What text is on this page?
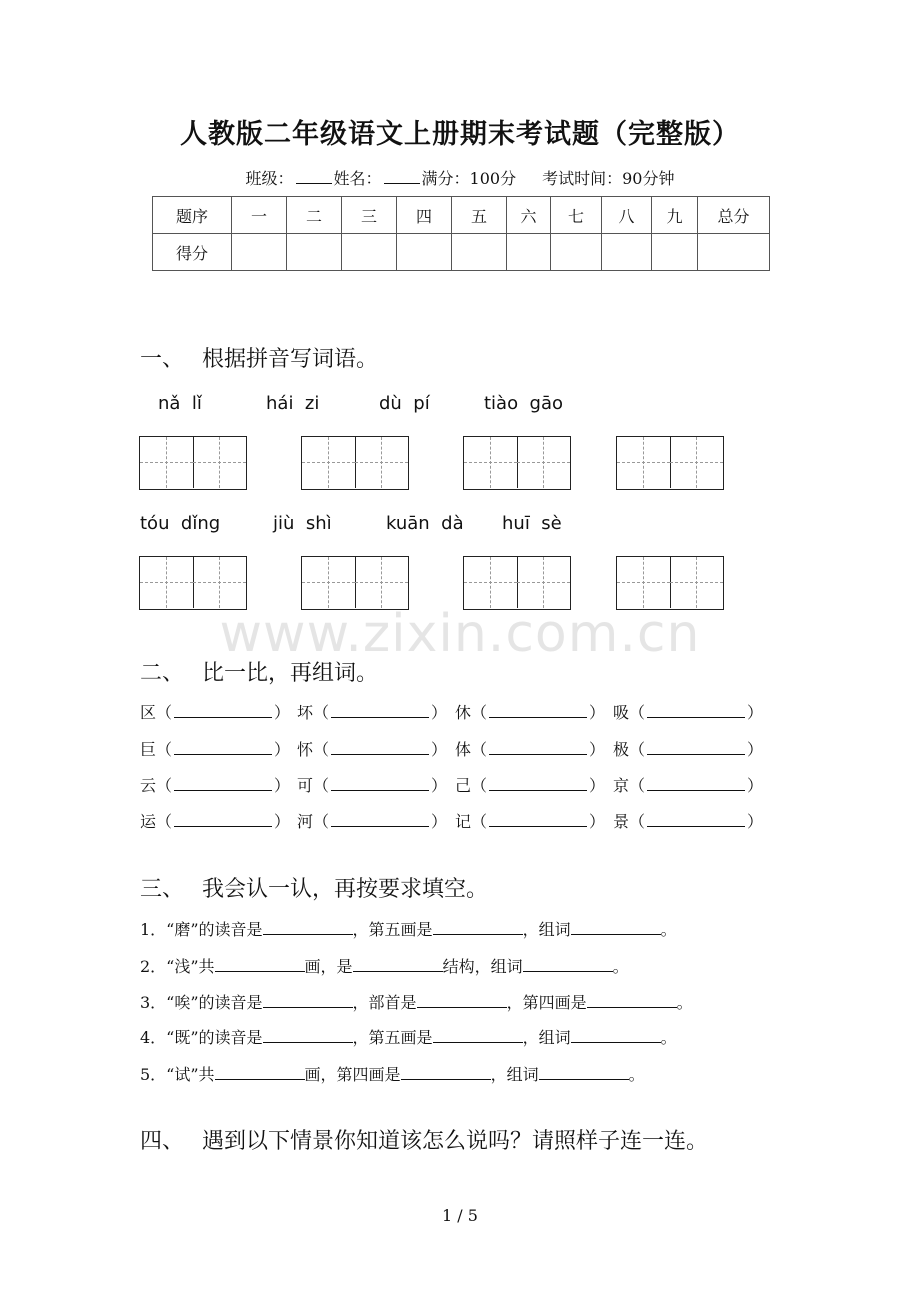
人教版二年级语文上册期末考试题（完整版）
班级：	姓名：	满分：100分 考试时间：90分钟
题序	一	二	三	四	五	六	七	八	九	总分
得分										
一、 根据拼音写词语。
nǎ  lǐ	hái  zi	dù  pí	tiào  gāo
tóu  dǐng	jiù  shì	kuān  dà huī  sè
www.zixin.com.cn
二、 比一比，再组词。
区（	） 坏（	） 休（	） 吸（	）
巨（	） 怀（	） 体（	） 极（	）
云（	） 可（	） 己（	） 京（	）
运（	） 河（	） 记（	） 景（	）
三、 我会认一认，再按要求填空。
1．“磨”的读音是	，第五画是	，组词	。
2．“浅”共	画，是	结构，组词	。
3．“唉”的读音是	，部首是	，第四画是	。
4．“既”的读音是	，第五画是	，组词	。
5．“试”共	画，第四画是	，组词	。
四、 遇到以下情景你知道该怎么说吗？请照样子连一连。
1 / 5
